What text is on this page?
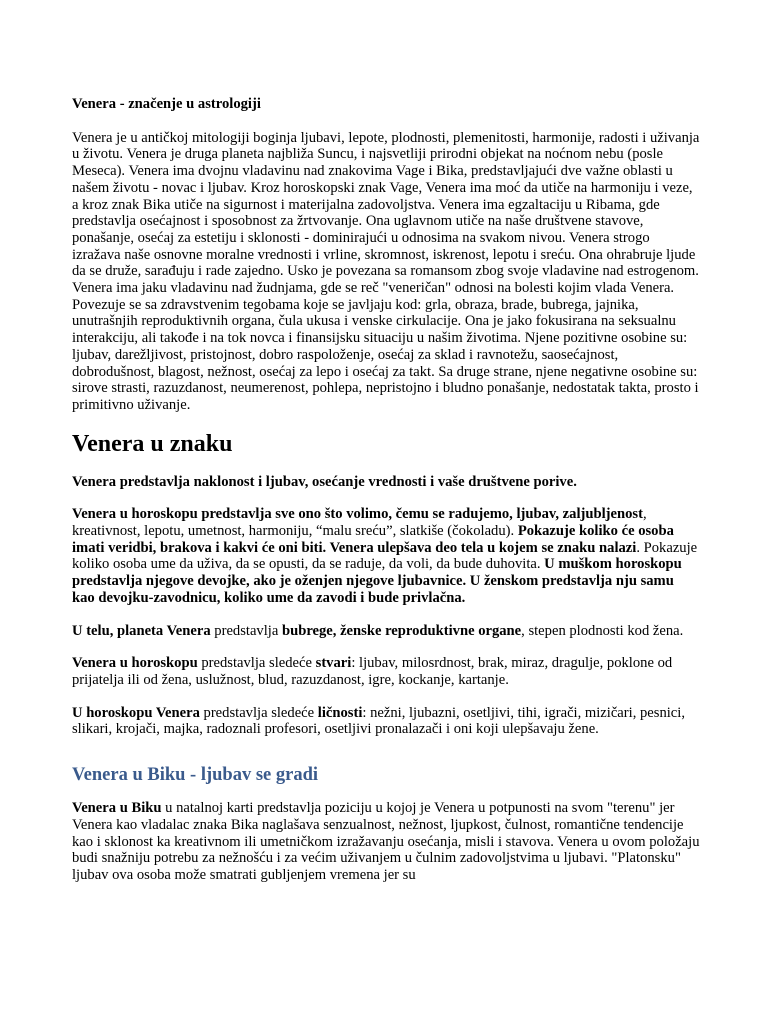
Venera - značenje u astrologiji

Venera je u antičkoj mitologiji boginja ljubavi, lepote, plodnosti, plemenitosti, harmonije, radosti i uživanja u životu. Venera je druga planeta najbliža Suncu, i najsvetliji prirodni objekat na noćnom nebu (posle Meseca). Venera ima dvojnu vladavinu nad znakovima Vage i Bika, predstavljajući dve važne oblasti u našem životu - novac i ljubav. Kroz horoskopski znak Vage, Venera ima moć da utiče na harmoniju i veze, a kroz znak Bika utiče na sigurnost i materijalna zadovoljstva. Venera ima egzaltaciju u Ribama, gde predstavlja osećajnost i sposobnost za žrtvovanje. Ona uglavnom utiče na naše društvene stavove, ponašanje, osećaj za estetiju i sklonosti - dominirajući u odnosima na svakom nivou. Venera strogo izražava naše osnovne moralne vrednosti i vrline, skromnost, iskrenost, lepotu i sreću. Ona ohrabruje ljude da se druže, sarađuju i rade zajedno. Usko je povezana sa romansom zbog svoje vladavine nad estrogenom. Venera ima jaku vladavinu nad žudnjama, gde se reč "veneričan" odnosi na bolesti kojim vlada Venera. Povezuje se sa zdravstvenim tegobama koje se javljaju kod: grla, obraza, brade, bubrega, jajnika, unutrašnjih reproduktivnih organa, čula ukusa i venske cirkulacije. Ona je jako fokusirana na seksualnu interakciju, ali takođe i na tok novca i finansijsku situaciju u našim životima. Njene pozitivne osobine su: ljubav, darežljivost, pristojnost, dobro raspoloženje, osećaj za sklad i ravnotežu, saosećajnost, dobrodušnost, blagost, nežnost, osećaj za lepo i osećaj za takt. Sa druge strane, njene negativne osobine su: sirove strasti, razuzdanost, neumerenost, pohlepa, nepristojno i bludno ponašanje, nedostatak takta, prosto i primitivno uživanje.

Venera u znaku

Venera predstavlja naklonost i ljubav, osećanje vrednosti i vaše društvene porive.

Venera u horoskopu predstavlja sve ono što volimo, čemu se radujemo, ljubav, zaljubljenost, kreativnost, lepotu, umetnost, harmoniju, “malu sreću”, slatkiše (čokoladu). Pokazuje koliko će osoba imati veridbi, brakova i kakvi će oni biti. Venera ulepšava deo tela u kojem se znaku nalazi. Pokazuje koliko osoba ume da uživa, da se opusti, da se raduje, da voli, da bude duhovita. U muškom horoskopu predstavlja njegove devojke, ako je oženjen njegove ljubavnice. U ženskom predstavlja nju samu kao devojku-zavodnicu, koliko ume da zavodi i bude privlačna.

U telu, planeta Venera predstavlja bubrege, ženske reproduktivne organe, stepen plodnosti kod žena.

Venera u horoskopu predstavlja sledeće stvari: ljubav, milosrdnost, brak, miraz, dragulje, poklone od prijatelja ili od žena, uslužnost, blud, razuzdanost, igre, kockanje, kartanje.

U horoskopu Venera predstavlja sledeće ličnosti: nežni, ljubazni, osetljivi, tihi, igrači, mizičari, pesnici, slikari, krojači, majka, radoznali profesori, osetljivi pronalazači i oni koji ulepšavaju žene.

Venera u Biku - ljubav se gradi

Venera u Biku u natalnoj karti predstavlja poziciju u kojoj je Venera u potpunosti na svom "terenu" jer Venera kao vladalac znaka Bika naglašava senzualnost, nežnost, ljupkost, čulnost, romantične tendencije kao i sklonost ka kreativnom ili umetničkom izražavanju osećanja, misli i stavova. Venera u ovom položaju budi snažniju potrebu za nežnošću i za većim uživanjem u čulnim zadovoljstvima u ljubavi. "Platonsku" ljubav ova osoba može smatrati gubljenjem vremena jer su
